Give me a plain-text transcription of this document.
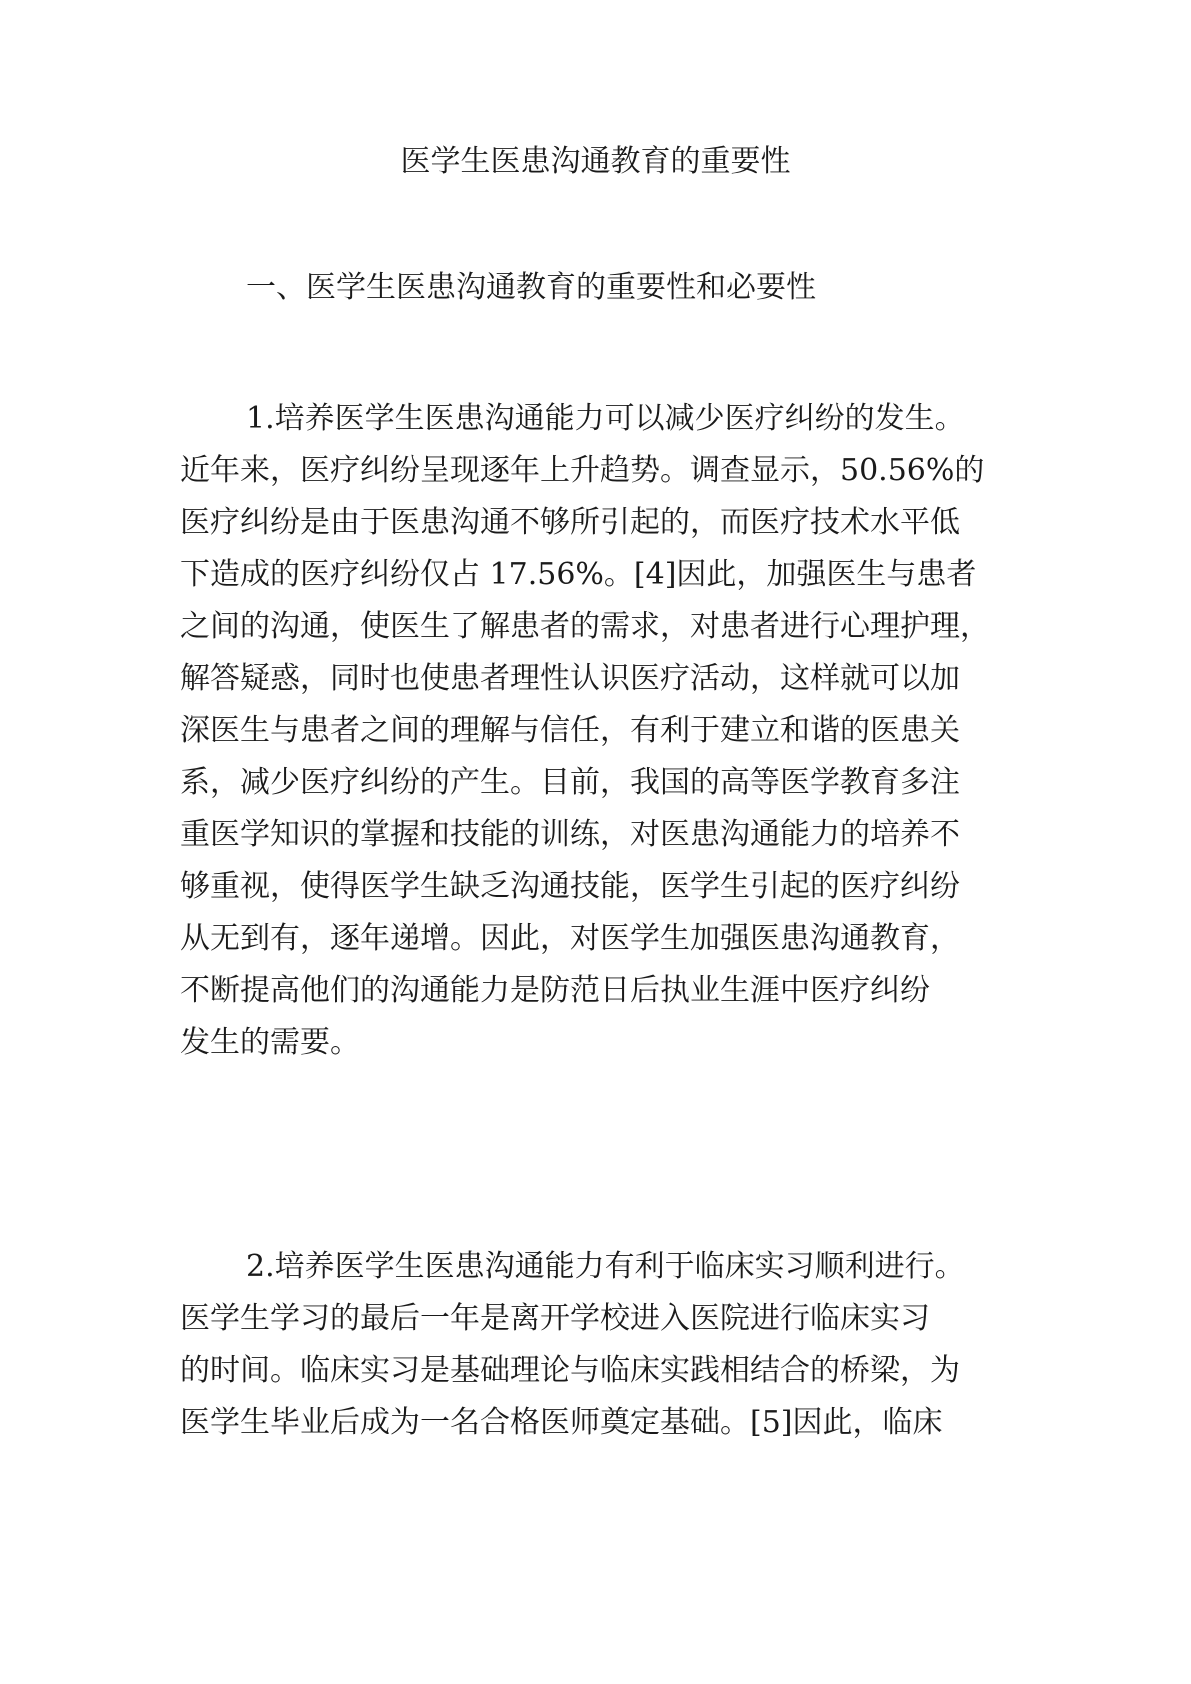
医学生医患沟通教育的重要性
一、医学生医患沟通教育的重要性和必要性
1.培养医学生医患沟通能力可以减少医疗纠纷的发生。
近年来，医疗纠纷呈现逐年上升趋势。调查显示，50.56%的
医疗纠纷是由于医患沟通不够所引起的，而医疗技术水平低
下造成的医疗纠纷仅占 17.56%。[4]因此，加强医生与患者
之间的沟通，使医生了解患者的需求，对患者进行心理护理，
解答疑惑，同时也使患者理性认识医疗活动，这样就可以加
深医生与患者之间的理解与信任，有利于建立和谐的医患关
系，减少医疗纠纷的产生。目前，我国的高等医学教育多注
重医学知识的掌握和技能的训练，对医患沟通能力的培养不
够重视，使得医学生缺乏沟通技能，医学生引起的医疗纠纷
从无到有，逐年递增。因此，对医学生加强医患沟通教育，
不断提高他们的沟通能力是防范日后执业生涯中医疗纠纷
发生的需要。
2.培养医学生医患沟通能力有利于临床实习顺利进行。
医学生学习的最后一年是离开学校进入医院进行临床实习
的时间。临床实习是基础理论与临床实践相结合的桥梁，为
医学生毕业后成为一名合格医师奠定基础。[5]因此，临床
